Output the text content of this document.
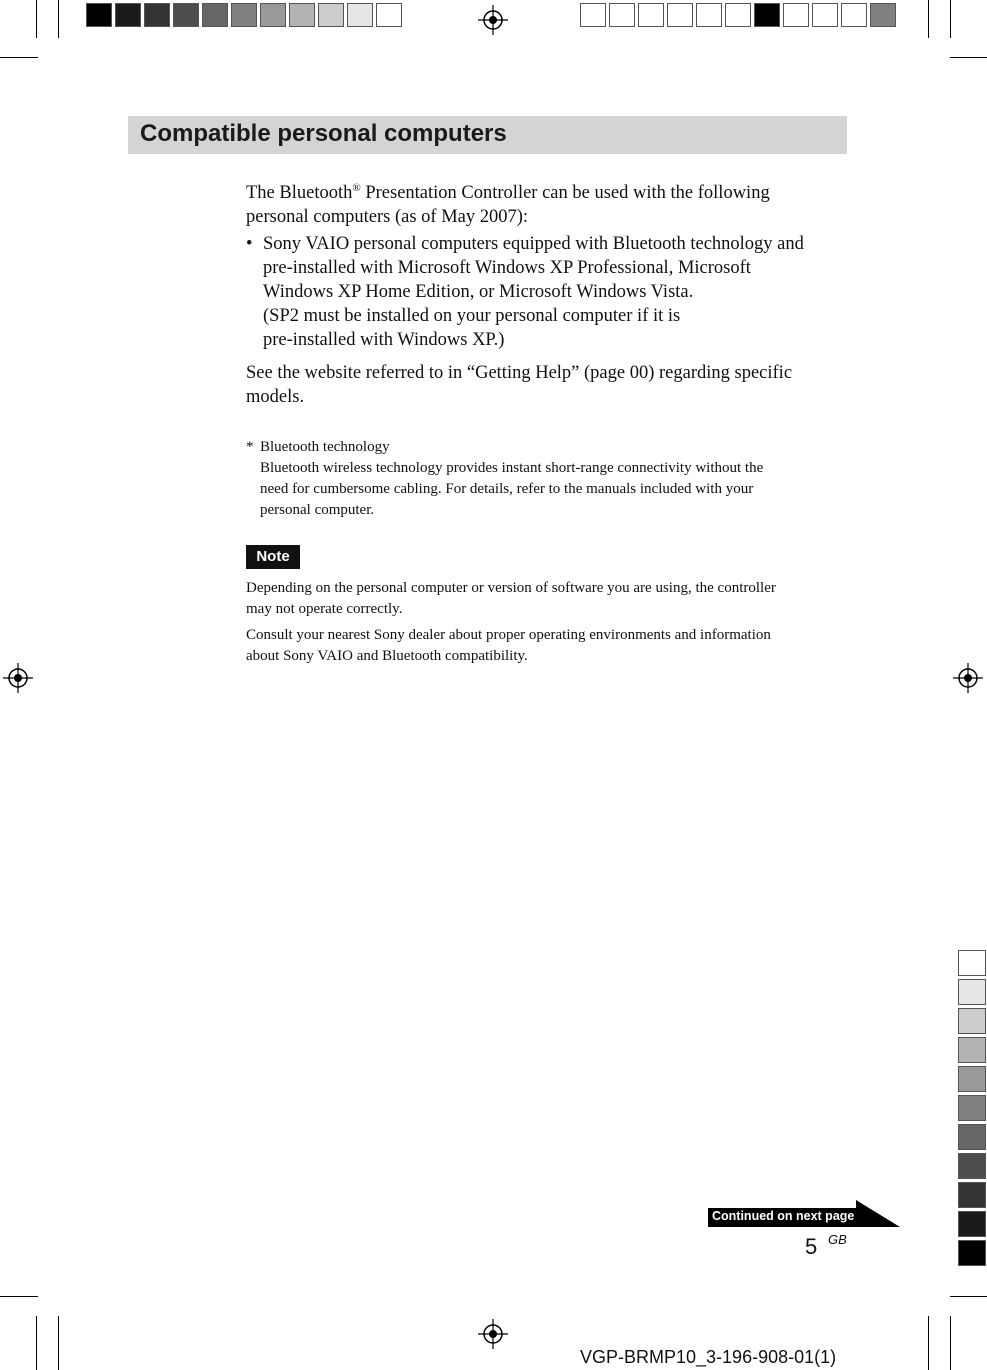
Compatible personal computers
The Bluetooth® Presentation Controller can be used with the following
personal computers (as of May 2007):
• Sony VAIO personal computers equipped with Bluetooth technology and
pre-installed with Microsoft Windows XP Professional, Microsoft
Windows XP Home Edition, or Microsoft Windows Vista.
(SP2 must be installed on your personal computer if it is
pre-installed with Windows XP.)
See the website referred to in “Getting Help” (page 00) regarding specific
models.
* Bluetooth technology
Bluetooth wireless technology provides instant short-range connectivity without the
need for cumbersome cabling. For details, refer to the manuals included with your
personal computer.
Note
Depending on the personal computer or version of software you are using, the controller
may not operate correctly.
Consult your nearest Sony dealer about proper operating environments and information
about Sony VAIO and Bluetooth compatibility.
Continued on next page
5 GB
VGP-BRMP10_3-196-908-01(1)
